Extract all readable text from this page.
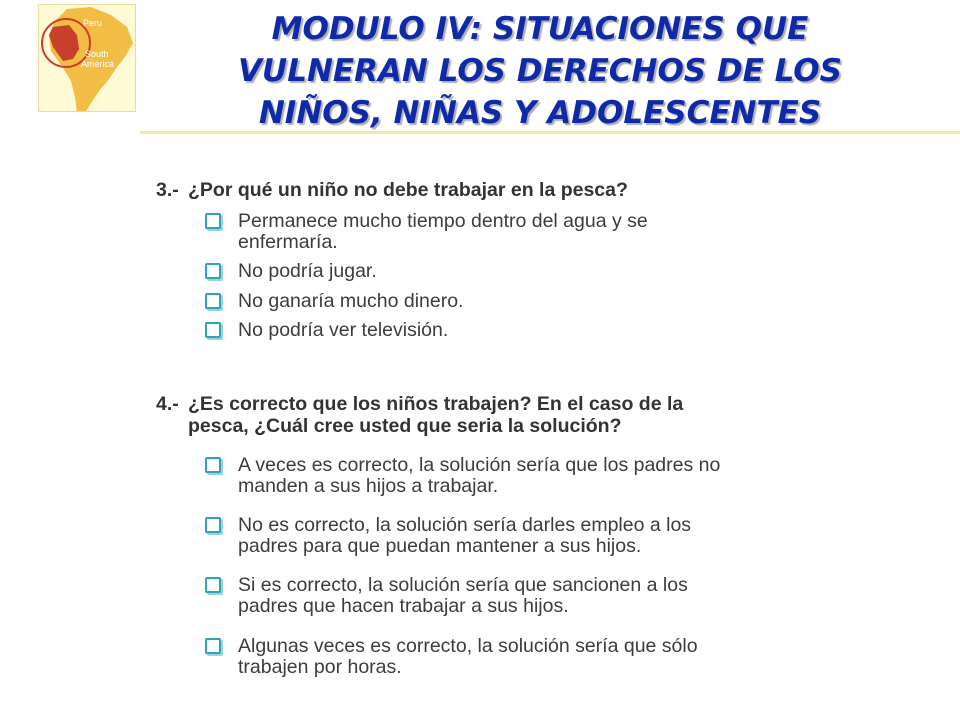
Peru
South
America
MODULO IV: SITUACIONES QUE
VULNERAN LOS DERECHOS DE LOS
NIÑOS, NIÑAS Y ADOLESCENTES

3.- ¿Por qué un niño no debe trabajar en la pesca?

Permanece mucho tiempo dentro del agua y se
enfermaría.

No podría jugar.

No ganaría mucho dinero.

No podría ver televisión.

4.- ¿Es correcto que los niños trabajen? En el caso de la
pesca, ¿Cuál cree usted que seria la solución?

A veces es correcto, la solución sería que los padres no
manden a sus hijos a trabajar.

No es correcto, la solución sería darles empleo a los
padres para que puedan mantener a sus hijos.

Si es correcto, la solución sería que sancionen a los
padres que hacen trabajar a sus hijos.

Algunas veces es correcto, la solución sería que sólo
trabajen por horas.
